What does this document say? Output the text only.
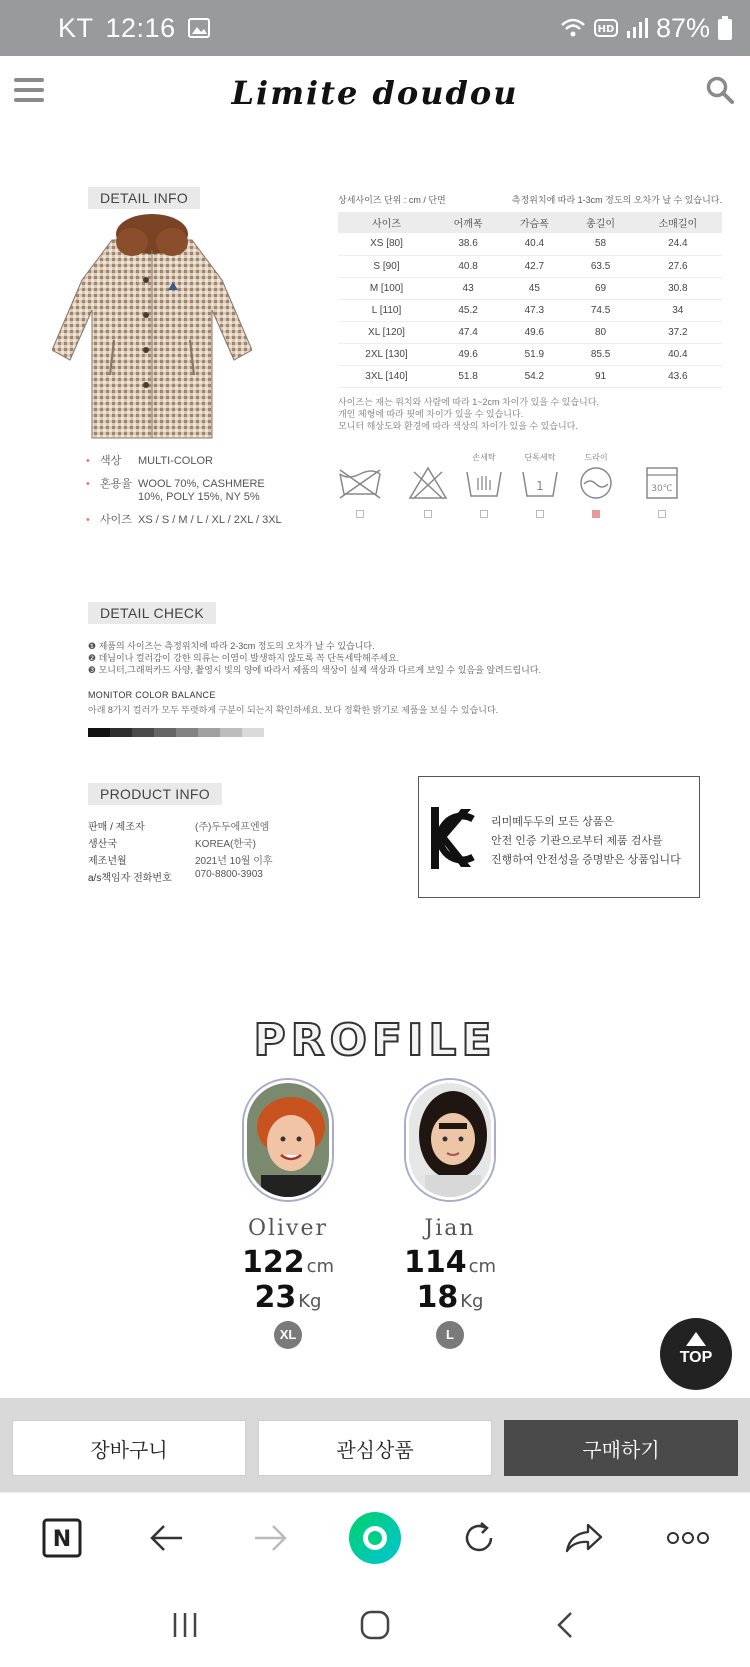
KT 12:16	HD 87%
Limite doudou
DETAIL INFO
• 색상	MULTI-COLOR
• 혼용율 WOOL 70%, CASHMERE 10%, POLY 15%, NY 5%
• 사이즈 XS / S / M / L / XL / 2XL / 3XL
상세사이즈 단위 : cm / 단면	측정위치에 따라 1-3cm 정도의 오차가 날 수 있습니다.
사이즈	어깨폭	가슴폭	총길이	소매길이	
XS [80]	38.6	40.4	58	24.4	
S [90]	40.8	42.7	63.5	27.6	
M [100]	43	45	69	30.8	
L [110]	45.2	47.3	74.5	34	
XL [120]	47.4	49.6	80	37.2	
2XL [130]	49.6	51.9	85.5	40.4	
3XL [140]	51.8	54.2	91	43.6	
사이즈는 재는 위치와 사람에 따라 1~2cm 차이가 있을 수 있습니다.
개인 체형에 따라 핏에 차이가 있을 수 있습니다.
모니터 해상도와 환경에 따라 색상의 차이가 있을 수 있습니다.
손세탁	단독세탁
1
드라이
30℃
DETAIL CHECK
❶ 제품의 사이즈는 측정위치에 따라 2-3cm 정도의 오차가 날 수 있습니다.
❷ 데님이나 컬러감이 강한 의류는 이염이 발생하지 않도록 꼭 단독세탁해주세요.
❸ 모니터,그래픽카드 사양, 촬영시 빛의 양에 따라서 제품의 색상이 실제 색상과 다르게 보일 수 있음을 알려드립니다.
MONITOR COLOR BALANCE
아래 8가지 컬러가 모두 뚜렷하게 구분이 되는지 확인하세요. 보다 정확한 밝기로 제품을 보실 수 있습니다.
PRODUCT INFO
판매 / 제조자	(주)두두에프엔엠
생산국	KOREA(한국)
제조년월	2021년 10월 이후
a/s책임자 전화번호	070-8800-3903
리미떼두두의 모든 상품은
안전 인증 기관으로부터 제품 검사를
진행하여 안전성을 증명받은 상품입니다
PROFILE
Oliver
122 cm
23 Kg
XL
Jian
114 cm
18 Kg
L
TOP
장바구니	관심상품	구매하기
N
